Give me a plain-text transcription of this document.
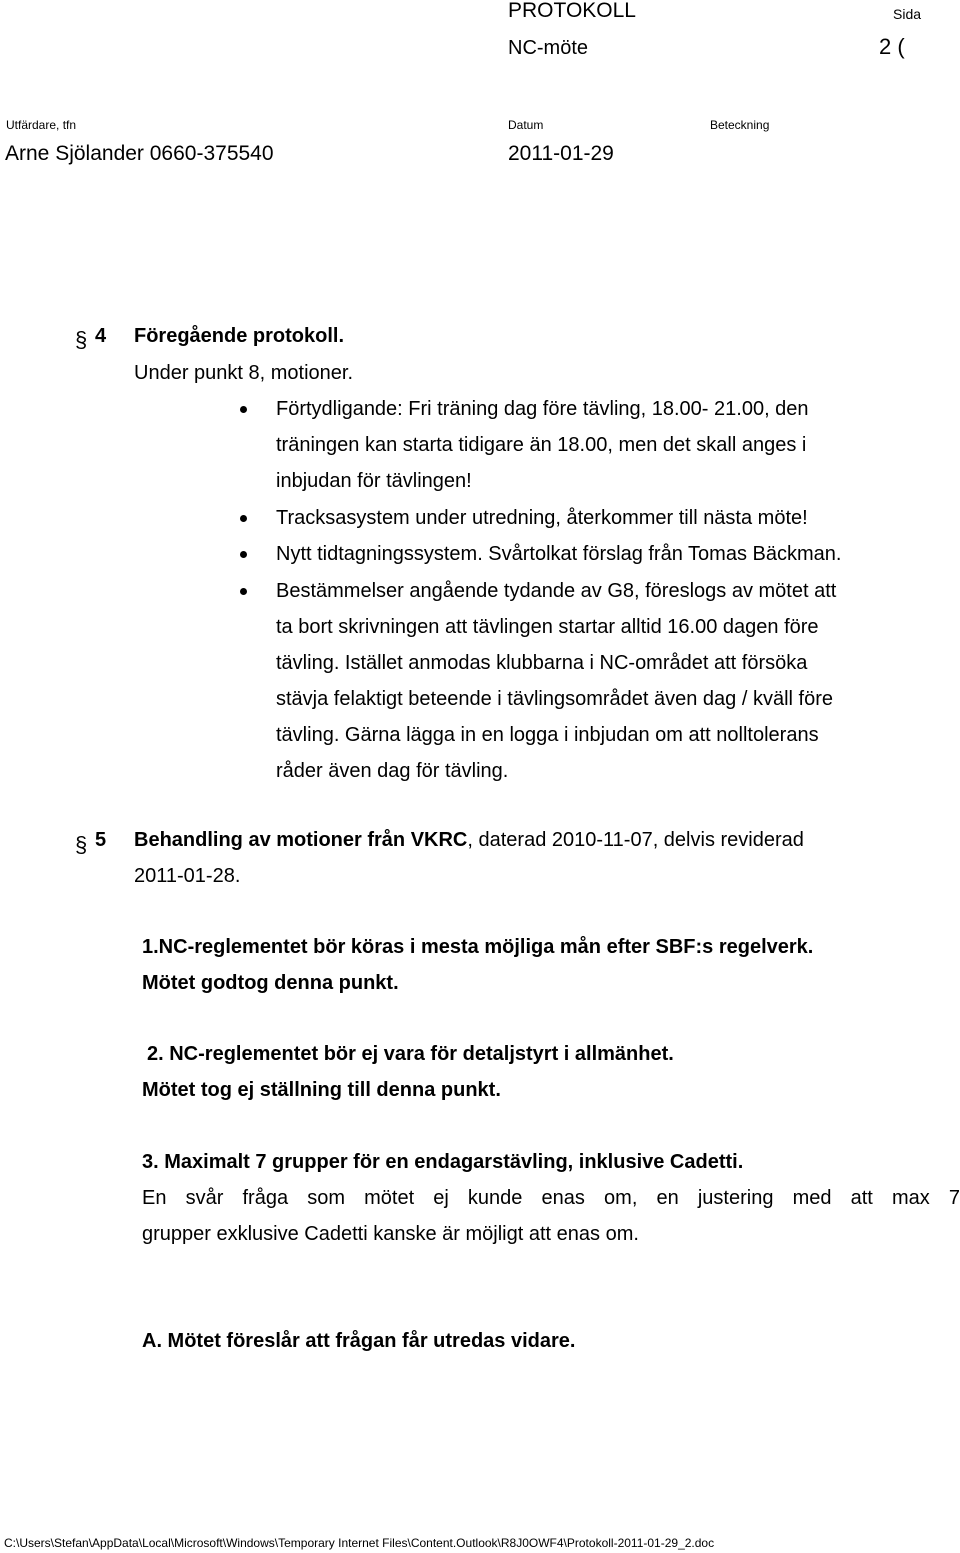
PROTOKOLL	Sida
NC-möte	2 (
Utfärdare, tfn	Datum	Beteckning
Arne Sjölander 0660-375540	2011-01-29
§ 4 Föregående protokoll.
Under punkt 8, motioner.
Förtydligande: Fri träning dag före tävling, 18.00- 21.00, den
träningen kan starta tidigare än 18.00, men det skall anges i
inbjudan för tävlingen!
Tracksasystem under utredning, återkommer till nästa möte!
Nytt tidtagningssystem. Svårtolkat förslag från Tomas Bäckman.
Bestämmelser angående tydande av G8, föreslogs av mötet att
ta bort skrivningen att tävlingen startar alltid 16.00 dagen före
tävling. Istället anmodas klubbarna i NC-området att försöka
stävja felaktigt beteende i tävlingsområdet även dag / kväll före
tävling. Gärna lägga in en logga i inbjudan om att nolltolerans
råder även dag för tävling.
§ 5 Behandling av motioner från VKRC, daterad 2010-11-07, delvis reviderad
2011-01-28.
1.NC-reglementet bör köras i mesta möjliga mån efter SBF:s regelverk.
Mötet godtog denna punkt.
2. NC-reglementet bör ej vara för detaljstyrt i allmänhet.
Mötet tog ej ställning till denna punkt.
3. Maximalt 7 grupper för en endagarstävling, inklusive Cadetti.
En svår fråga som mötet ej kunde enas om, en justering med att max 7
grupper exklusive Cadetti kanske är möjligt att enas om.
A. Mötet föreslår att frågan får utredas vidare.
C:\Users\Stefan\AppData\Local\Microsoft\Windows\Temporary Internet Files\Content.Outlook\R8J0OWF4\Protokoll-2011-01-29_2.doc
